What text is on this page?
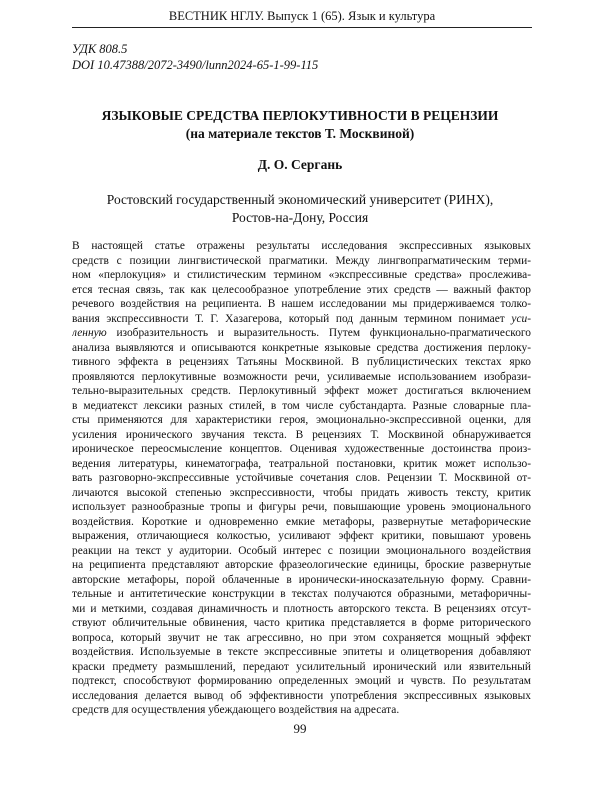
ВЕСТНИК НГЛУ. Выпуск 1 (65). Язык и культура
УДК 808.5
DOI 10.47388/2072-3490/lunn2024-65-1-99-115
ЯЗЫКОВЫЕ СРЕДСТВА ПЕРЛОКУТИВНОСТИ В РЕЦЕНЗИИ
(на материале текстов Т. Москвиной)
Д. О. Сергань
Ростовский государственный экономический университет (РИНХ),
Ростов-на-Дону, Россия
В настоящей статье отражены результаты исследования экспрессивных языковых
средств с позиции лингвистической прагматики. Между лингвопрагматическим терми-
ном «перлокуция» и стилистическим термином «экспрессивные средства» прослежива-
ется тесная связь, так как целесообразное употребление этих средств — важный фактор
речевого воздействия на реципиента. В нашем исследовании мы придерживаемся толко-
вания экспрессивности Т. Г. Хазагерова, который под данным термином понимает уси-
ленную изобразительность и выразительность. Путем функционально-прагматического
анализа выявляются и описываются конкретные языковые средства достижения перлоку-
тивного эффекта в рецензиях Татьяны Москвиной. В публицистических текстах ярко
проявляются перлокутивные возможности речи, усиливаемые использованием изобрази-
тельно-выразительных средств. Перлокутивный эффект может достигаться включением
в медиатекст лексики разных стилей, в том числе субстандарта. Разные словарные пла-
сты применяются для характеристики героя, эмоционально-экспрессивной оценки, для
усиления иронического звучания текста. В рецензиях Т. Москвиной обнаруживается
ироническое переосмысление концептов. Оценивая художественные достоинства произ-
ведения литературы, кинематографа, театральной постановки, критик может использо-
вать разговорно-экспрессивные устойчивые сочетания слов. Рецензии Т. Москвиной от-
личаются высокой степенью экспрессивности, чтобы придать живость тексту, критик
использует разнообразные тропы и фигуры речи, повышающие уровень эмоционального
воздействия. Короткие и одновременно емкие метафоры, развернутые метафорические
выражения, отличающиеся колкостью, усиливают эффект критики, повышают уровень
реакции на текст у аудитории. Особый интерес с позиции эмоционального воздействия
на реципиента представляют авторские фразеологические единицы, броские развернутые
авторские метафоры, порой облаченные в иронически-иносказательную форму. Сравни-
тельные и антитетические конструкции в текстах получаются образными, метафоричны-
ми и меткими, создавая динамичность и плотность авторского текста. В рецензиях отсут-
ствуют обличительные обвинения, часто критика представляется в форме риторического
вопроса, который звучит не так агрессивно, но при этом сохраняется мощный эффект
воздействия. Используемые в тексте экспрессивные эпитеты и олицетворения добавляют
краски предмету размышлений, передают усилительный иронический или язвительный
подтекст, способствуют формированию определенных эмоций и чувств. По результатам
исследования делается вывод об эффективности употребления экспрессивных языковых
средств для осуществления убеждающего воздействия на адресата.
99
